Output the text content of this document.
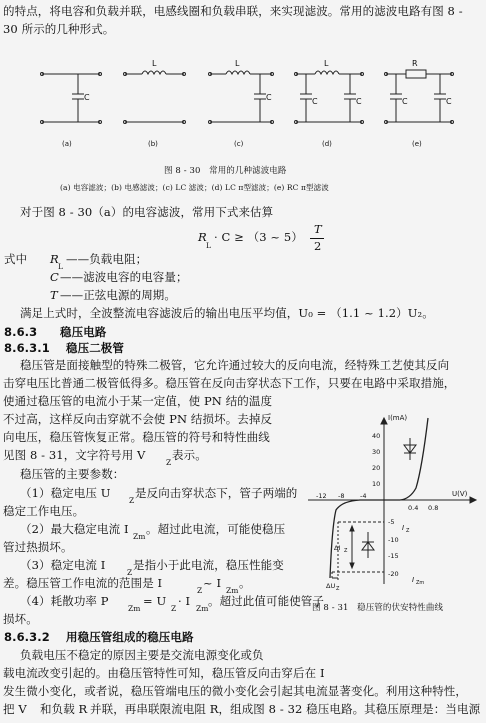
的特点，将电容和负载并联，电感线圈和负载串联，来实现滤波。常用的滤波电路有图 8 -
30 所示的几种形式。
C
L	L
C
L
C	C
R
C	C
(a)	(b)	(c)	(d)	(e)
图 8 - 30　常用的几种滤波电路
(a) 电容滤波；(b) 电感滤波；(c) LC 滤波；(d) LC π型滤波；(e) RC π型滤波
对于图 8 - 30（a）的电容滤波，常用下式来估算
R
L
· C ≥ （3 ~ 5）
T
2
式中 R
L
——负载电阻；
C ——滤波电容的电容量；
T ——正弦电源的周期。
满足上式时，全波整流电容滤波后的输出电压平均值，U₀ = （1.1 ~ 1.2）U₂。
8.6.3 稳压电路
8.6.3.1 稳压二极管
稳压管是面接触型的特殊二极管，它允许通过较大的反向电流，经特殊工艺使其反向
击穿电压比普通二极管低得多。稳压管在反向击穿状态下工作，只要在电路中采取措施，
使通过稳压管的电流小于某一定值，使 PN 结的温度
不过高，这样反向击穿就不会使 PN 结损坏。去掉反
向电压，稳压管恢复正常。稳压管的符号和特性曲线
见图 8 - 31，文字符号用 V
Z
表示。
稳压管的主要参数：
（1）稳定电压 U
Z
是反向击穿状态下，管子两端的
稳定工作电压。
（2）最大稳定电流 I
Zm
。超过此电流，可能使稳压
管过热损坏。
（3）稳定电流 I
Z
是指小于此电流，稳压性能变
差。稳压管工作电流的范围是 I
Z
~ I
Zm
。
（4）耗散功率 P
Zm
= U
Z
· I
Zm
。超过此值可能使管子
损坏。
I(mA)
U(V)
40
30
20
10
-5
-10
-15
-20
-12 -8 -4
0.4 0.8
I Z
I Zm
ΔI Z
ΔU Z
图 8 - 31　稳压管的伏安特性曲线
8.6.3.2 用稳压管组成的稳压电路
负载电压不稳定的原因主要是交流电源变化或负
载电流改变引起的。由稳压管特性可知，稳压管反向击穿后在 I
发生微小变化，或者说，稳压管端电压的微小变化会引起其电流显著变化。利用这种特性，
把 V 和负载 R 并联，再串联限流电阻 R，组成图 8 - 32 稳压电路。其稳压原理是：当电源
